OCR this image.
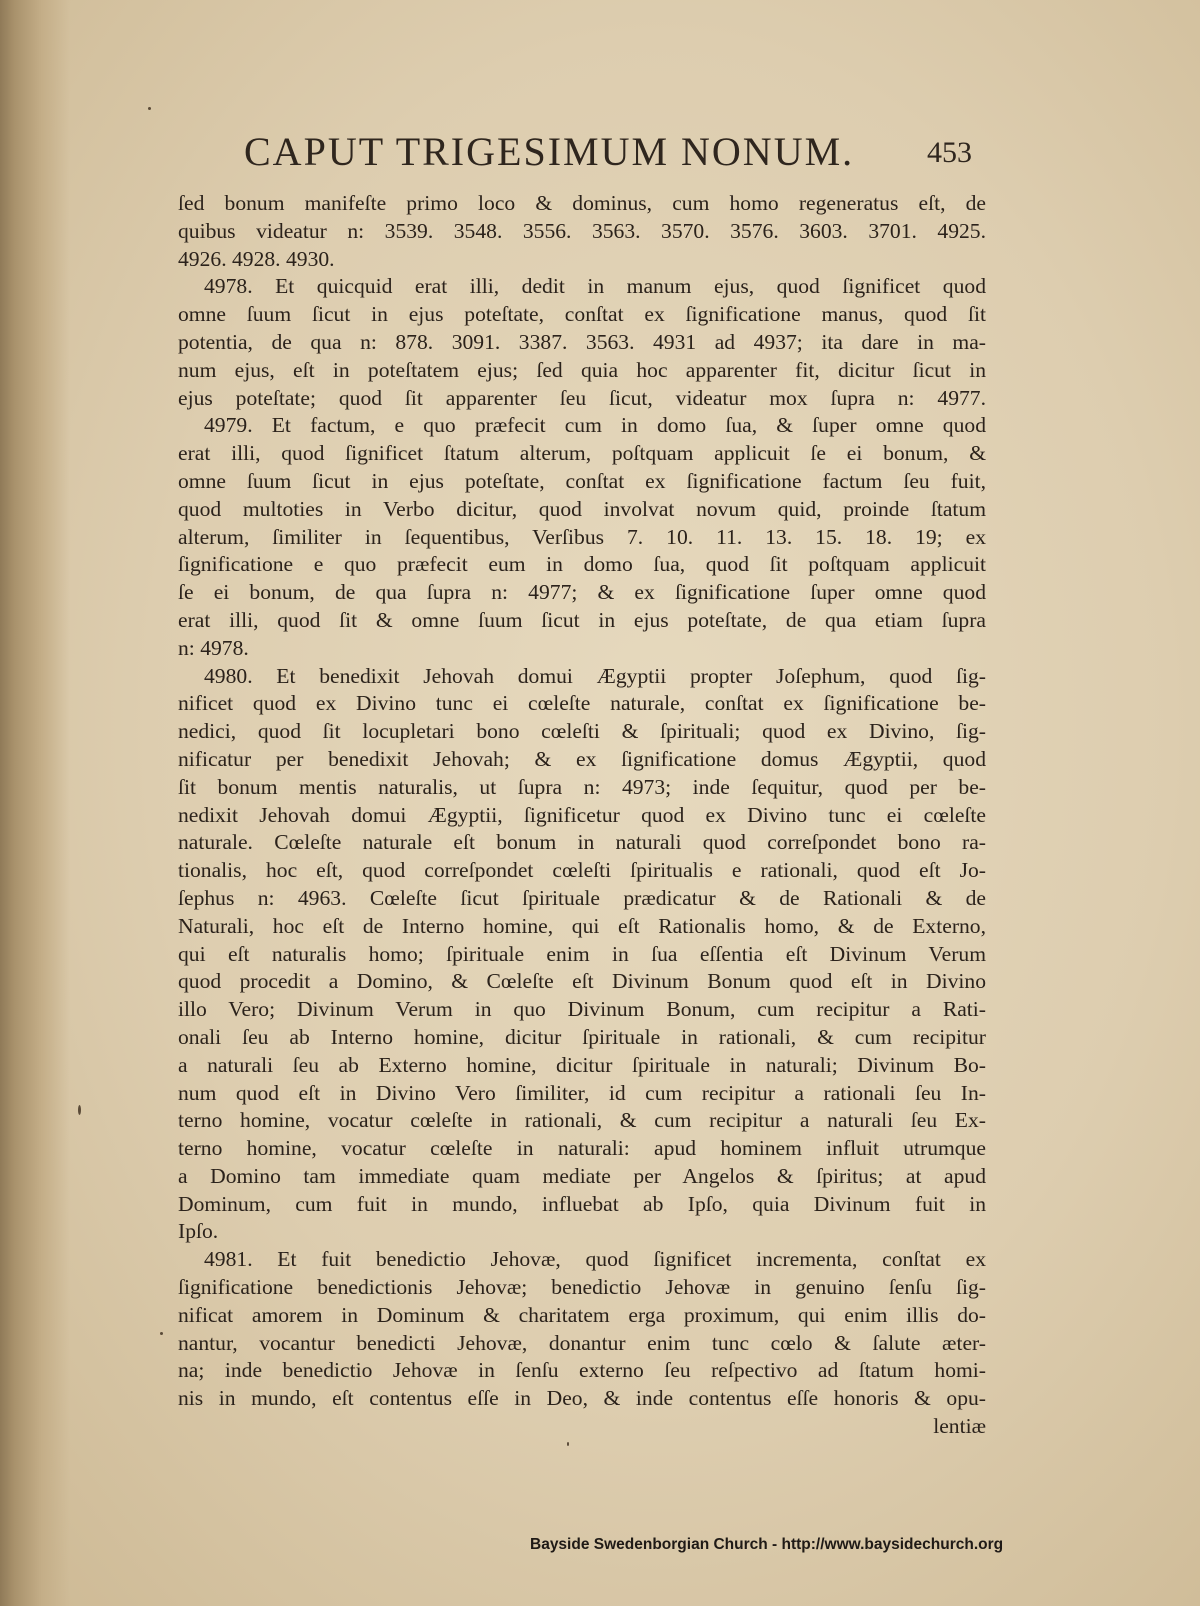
CAPUT TRIGESIMUM NONUM. 453
ſed bonum manifeſte primo loco & dominus, cum homo regeneratus eſt, de
quibus videatur n: 3539. 3548. 3556. 3563. 3570. 3576. 3603. 3701. 4925.
4926. 4928. 4930.
4978. Et quicquid erat illi, dedit in manum ejus, quod ſignificet quod
omne ſuum ſicut in ejus poteſtate, conſtat ex ſignificatione manus, quod ſit
potentia, de qua n: 878. 3091. 3387. 3563. 4931 ad 4937; ita dare in ma-
num ejus, eſt in poteſtatem ejus; ſed quia hoc apparenter fit, dicitur ſicut in
ejus poteſtate; quod ſit apparenter ſeu ſicut, videatur mox ſupra n: 4977.
4979. Et factum, e quo præfecit cum in domo ſua, & ſuper omne quod
erat illi, quod ſignificet ſtatum alterum, poſtquam applicuit ſe ei bonum, &
omne ſuum ſicut in ejus poteſtate, conſtat ex ſignificatione factum ſeu fuit,
quod multoties in Verbo dicitur, quod involvat novum quid, proinde ſtatum
alterum, ſimiliter in ſequentibus, Verſibus 7. 10. 11. 13. 15. 18. 19; ex
ſignificatione e quo præfecit eum in domo ſua, quod ſit poſtquam applicuit
ſe ei bonum, de qua ſupra n: 4977; & ex ſignificatione ſuper omne quod
erat illi, quod ſit & omne ſuum ſicut in ejus poteſtate, de qua etiam ſupra
n: 4978.
4980. Et benedixit Jehovah domui Ægyptii propter Joſephum, quod ſig-
nificet quod ex Divino tunc ei cœleſte naturale, conſtat ex ſignificatione be-
nedici, quod ſit locupletari bono cœleſti & ſpirituali; quod ex Divino, ſig-
nificatur per benedixit Jehovah; & ex ſignificatione domus Ægyptii, quod
ſit bonum mentis naturalis, ut ſupra n: 4973; inde ſequitur, quod per be-
nedixit Jehovah domui Ægyptii, ſignificetur quod ex Divino tunc ei cœleſte
naturale. Cœleſte naturale eſt bonum in naturali quod correſpondet bono ra-
tionalis, hoc eſt, quod correſpondet cœleſti ſpiritualis e rationali, quod eſt Jo-
ſephus n: 4963. Cœleſte ſicut ſpirituale prædicatur & de Rationali & de
Naturali, hoc eſt de Interno homine, qui eſt Rationalis homo, & de Externo,
qui eſt naturalis homo; ſpirituale enim in ſua eſſentia eſt Divinum Verum
quod procedit a Domino, & Cœleſte eſt Divinum Bonum quod eſt in Divino
illo Vero; Divinum Verum in quo Divinum Bonum, cum recipitur a Rati-
onali ſeu ab Interno homine, dicitur ſpirituale in rationali, & cum recipitur
a naturali ſeu ab Externo homine, dicitur ſpirituale in naturali; Divinum Bo-
num quod eſt in Divino Vero ſimiliter, id cum recipitur a rationali ſeu In-
terno homine, vocatur cœleſte in rationali, & cum recipitur a naturali ſeu Ex-
terno homine, vocatur cœleſte in naturali: apud hominem influit utrumque
a Domino tam immediate quam mediate per Angelos & ſpiritus; at apud
Dominum, cum fuit in mundo, influebat ab Ipſo, quia Divinum fuit in
Ipſo.
4981. Et fuit benedictio Jehovæ, quod ſignificet incrementa, conſtat ex
ſignificatione benedictionis Jehovæ; benedictio Jehovæ in genuino ſenſu ſig-
nificat amorem in Dominum & charitatem erga proximum, qui enim illis do-
nantur, vocantur benedicti Jehovæ, donantur enim tunc cœlo & ſalute æter-
na; inde benedictio Jehovæ in ſenſu externo ſeu reſpectivo ad ſtatum homi-
nis in mundo, eſt contentus eſſe in Deo, & inde contentus eſſe honoris & opu-
lentiæ
Bayside Swedenborgian Church - http://www.baysidechurch.org
